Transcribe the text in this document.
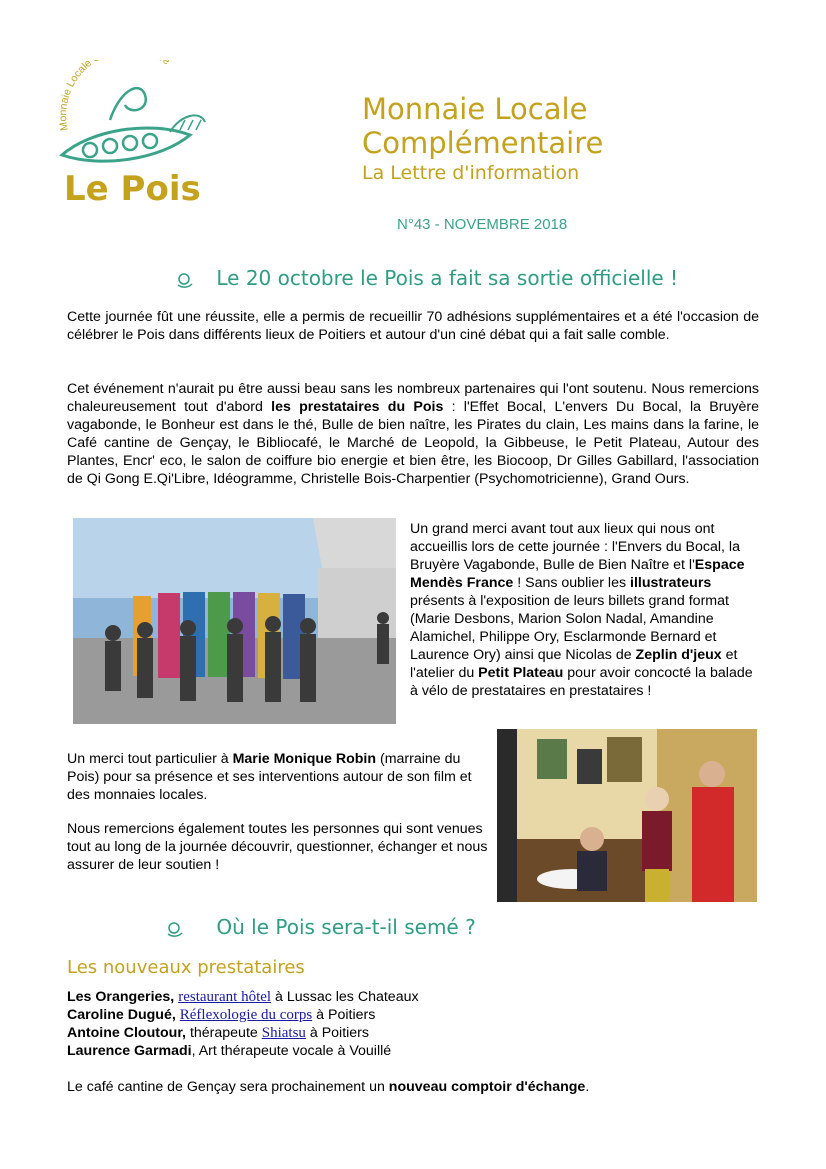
Monnaie Locale e
Le Pois
Monnaie Locale
Complémentaire
La Lettre d'information
N°43 - NOVEMBRE 2018
Le 20 octobre le Pois a fait sa sortie officielle !
Cette journée fût une réussite, elle a permis de recueillir 70 adhésions supplémentaires et a été l'occasion de célébrer le Pois dans différents lieux de Poitiers et autour d'un ciné débat qui a fait salle comble.
Cet événement n'aurait pu être aussi beau sans les nombreux partenaires qui l'ont soutenu. Nous remercions chaleureusement tout d'abord les prestataires du Pois : l'Effet Bocal, L'envers Du Bocal, la Bruyère vagabonde, le Bonheur est dans le thé, Bulle de bien naître, les Pirates du clain, Les mains dans la farine, le Café cantine de Gençay, le Bibliocafé, le Marché de Leopold, la Gibbeuse, le Petit Plateau, Autour des Plantes, Encr' eco, le salon de coiffure bio energie et bien être, les Biocoop, Dr Gilles Gabillard, l'association de Qi Gong E.Qi'Libre, Idéogramme, Christelle Bois-Charpentier (Psychomotricienne), Grand Ours.
Un grand merci avant tout aux lieux qui nous ont accueillis lors de cette journée : l'Envers du Bocal, la Bruyère Vagabonde, Bulle de Bien Naître et l'Espace Mendès France ! Sans oublier les illustrateurs présents à l'exposition de leurs billets grand format (Marie Desbons, Marion Solon Nadal, Amandine Alamichel, Philippe Ory, Esclarmonde Bernard et Laurence Ory) ainsi que Nicolas de Zeplin d'jeux et l'atelier du Petit Plateau pour avoir concocté la balade à vélo de prestataires en prestataires !
Un merci tout particulier à Marie Monique Robin (marraine du Pois) pour sa présence et ses interventions autour de son film et des monnaies locales.
Nous remercions également toutes les personnes qui sont venues tout au long de la journée découvrir, questionner, échanger et nous assurer de leur soutien !
Où le Pois sera-t-il semé ?
Les nouveaux prestataires
Les Orangeries, restaurant hôtel à Lussac les Chateaux
Caroline Dugué, Réflexologie du corps à Poitiers
Antoine Cloutour, thérapeute Shiatsu à Poitiers
Laurence Garmadi, Art thérapeute vocale à Vouillé
Le café cantine de Gençay sera prochainement un nouveau comptoir d'échange.
